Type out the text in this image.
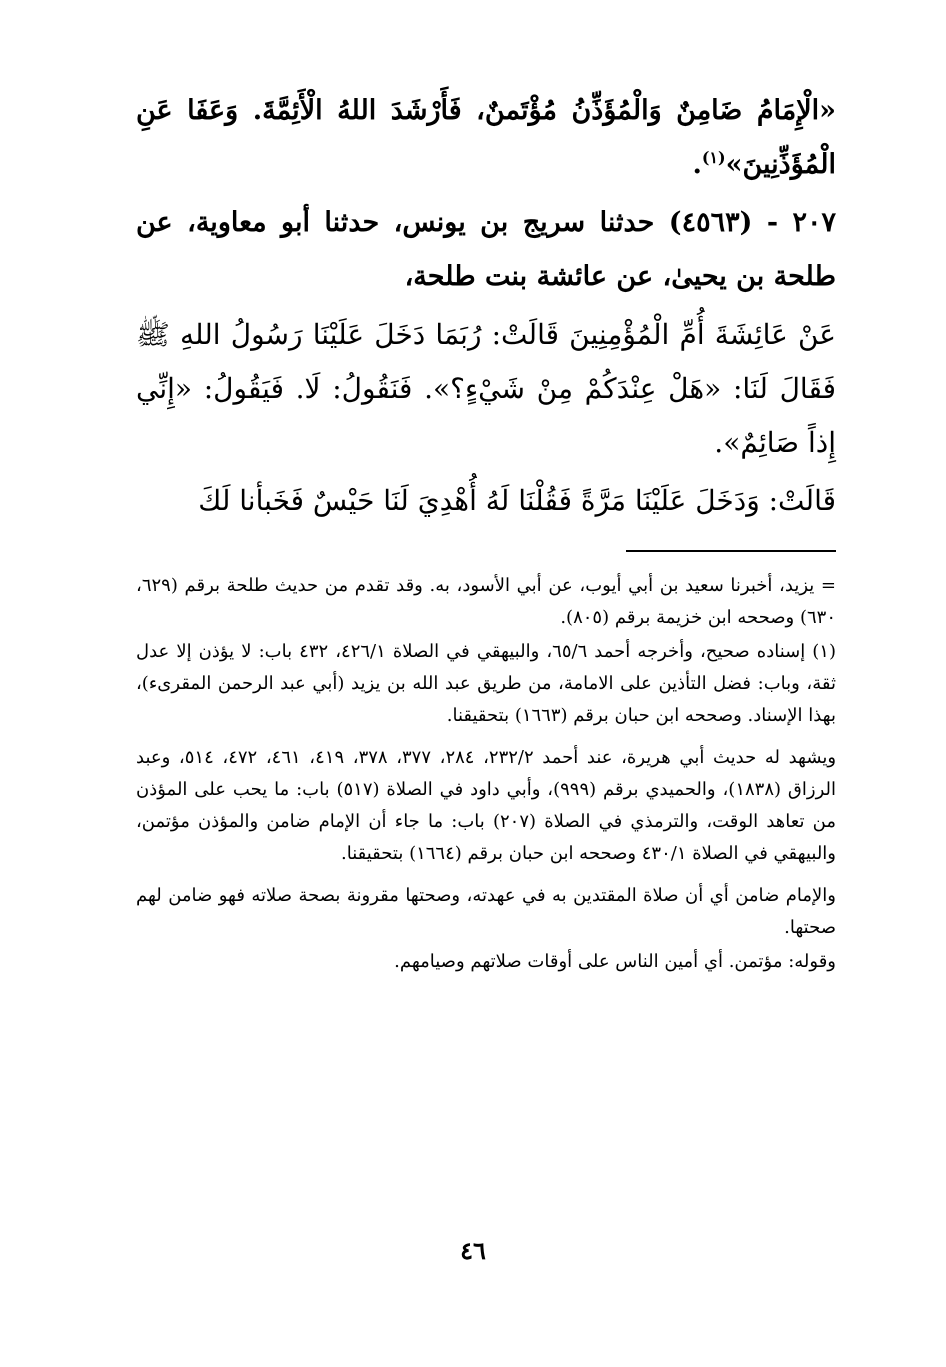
«الْإِمَامُ ضَامِنٌ وَالْمُؤَذِّنُ مُؤْتَمنٌ، فَأَرْشَدَ اللهُ الْأَئِمَّةَ. وَعَفَا عَنِ الْمُؤَذِّنِينَ»$^{(١)}$.

٢٠٧ - (٤٥٦٣) حدثنا سريج بن يونس، حدثنا أبو معاوية، عن طلحة بن يحيىٰ، عن عائشة بنت طلحة،

عَنْ عَائِشَةَ أُمِّ الْمُؤْمِنِينَ قَالَتْ: رُبَمَا دَخَلَ عَلَيْنَا رَسُولُ اللهِ ﷺ فَقَالَ لَنَا: «هَلْ عِنْدَكُمْ مِنْ شَيْءٍ؟». فَنَقُولُ: لَا. فَيَقُولُ: «إِنِّي إِذاً صَائِمٌ».

قَالَتْ: وَدَخَلَ عَلَيْنَا مَرَّةً فَقُلْنَا لَهُ أُهْدِيَ لَنَا حَيْسٌ فَخَبأنا لَكَ

= يزيد، أخبرنا سعيد بن أبي أيوب، عن أبي الأسود، به. وقد تقدم من حديث طلحة برقم (٦٢٩، ٦٣٠) وصححه ابن خزيمة برقم (٨٠٥).

(١) إسناده صحيح، وأخرجه أحمد ٦٥/٦، والبيهقي في الصلاة ٤٢٦/١، ٤٣٢ باب: لا يؤذن إلا عدل ثقة، وباب: فضل التأذين على الامامة، من طريق عبد الله بن يزيد (أبي عبد الرحمن المقرىء)، بهذا الإسناد. وصححه ابن حبان برقم (١٦٦٣) بتحقيقنا.

ويشهد له حديث أبي هريرة، عند أحمد ٢٣٢/٢، ٢٨٤، ٣٧٧، ٣٧٨، ٤١٩، ٤٦١، ٤٧٢، ٥١٤، وعبد الرزاق (١٨٣٨)، والحميدي برقم (٩٩٩)، وأبي داود في الصلاة (٥١٧) باب: ما يحب على المؤذن من تعاهد الوقت، والترمذي في الصلاة (٢٠٧) باب: ما جاء أن الإمام ضامن والمؤذن مؤتمن، والبيهقي في الصلاة ٤٣٠/١ وصححه ابن حبان برقم (١٦٦٤) بتحقيقنا.

والإمام ضامن أي أن صلاة المقتدين به في عهدته، وصحتها مقرونة بصحة صلاته فهو ضامن لهم صحتها.

وقوله: مؤتمن. أي أمين الناس على أوقات صلاتهم وصيامهم.

٤٦
